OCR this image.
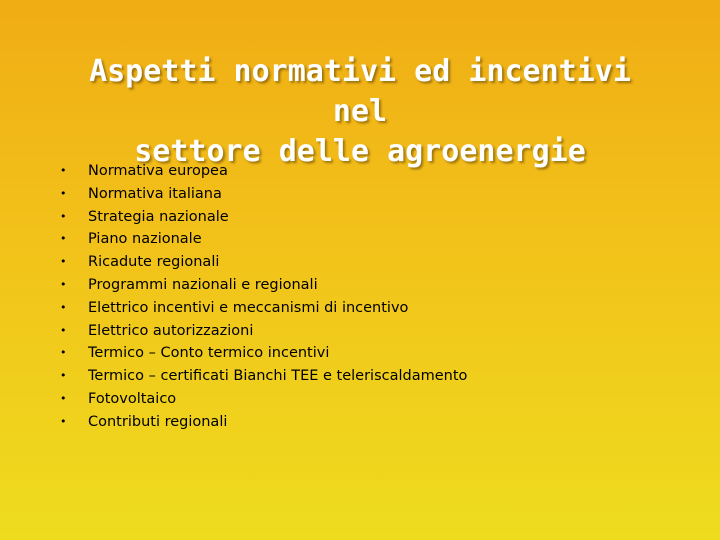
Aspetti normativi ed incentivi nel
settore delle agroenergie
•	Normativa europea
•	Normativa italiana
•	Strategia nazionale
•	Piano nazionale
•	Ricadute regionali
•	Programmi nazionali e regionali
•	Elettrico incentivi e meccanismi di incentivo
•	Elettrico autorizzazioni
•	Termico – Conto termico incentivi
•	Termico – certificati Bianchi TEE e teleriscaldamento
•	Fotovoltaico
•	Contributi regionali
